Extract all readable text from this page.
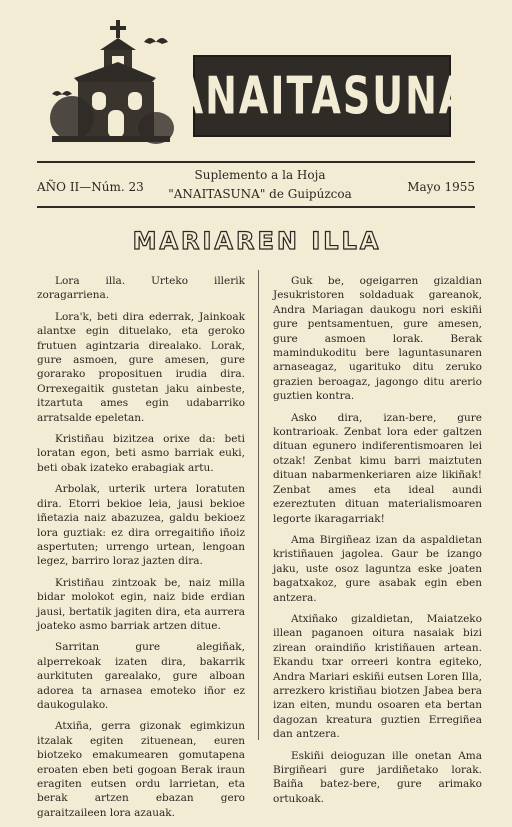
ANAITASUNA
AÑO II—Núm. 23
Suplemento a la Hoja
"ANAITASUNA" de Guipúzcoa	Mayo 1955
MARIAREN ILLA

Lora illa. Urteko illerik zoragarriena.

Lora'k, beti dira ederrak, Jainkoak alantxe egin dituelako, eta geroko frutuen agintzaria direalako. Lorak, gure asmoen, gure amesen, gure gorarako proposituen irudia dira. Orrexegaitik gustetan jaku ainbeste, itzartuta ames egin udabarriko arratsalde epeletan.

Kristiñau bizitzea orixe da: beti loratan egon, beti asmo barriak euki, beti obak izateko erabagiak artu.

Arbolak, urterik urtera loratuten dira. Etorri bekioe leia, jausi bekioe iñetazia naiz abazuzea, galdu bekioez lora guztiak: ez dira orregaitiño iñoiz aspertuten; urrengo urtean, lengoan legez, barriro loraz jazten dira.

Kristiñau zintzoak be, naiz milla bidar molokot egin, naiz bide erdian jausi, bertatik jagiten dira, eta aurrera joateko asmo barriak artzen ditue.

Sarritan gure alegiñak, alperrekoak izaten dira, bakarrik aurkituten garealako, gure alboan adorea ta arnasea emoteko iñor ez daukogulako.

Atxiña, gerra gizonak egimkizun itzalak egiten zituenean, euren biotzeko emakumearen gomutapena eroaten eben beti gogoan Berak iraun eragiten eutsen ordu larrietan, eta berak artzen ebazan gero garaitzaileen lora azauak.

Guk be, ogeigarren gizaldian Jesukristoren soldaduak gareanok, Andra Mariagan daukogu nori eskiñi gure pentsamentuen, gure amesen, gure asmoen lorak. Berak mamindukoditu bere laguntasunaren arnaseagaz, ugarituko ditu zeruko grazien beroagaz, jagongo ditu arerio guztien kontra.

Asko dira, izan-bere, gure kontrarioak. Zenbat lora eder galtzen dituan egunero indiferentismoaren lei otzak! Zenbat kimu barri maiztuten dituan nabarmenkeriaren aize likiñak! Zenbat ames eta ideal aundi ezereztuten dituan materialismoaren legorte ikaragarriak!

Ama Birgiñeaz izan da aspaldietan kristiñauen jagolea. Gaur be izango jaku, uste osoz laguntza eske joaten bagatxakoz, gure asabak egin eben antzera.

Atxiñako gizaldietan, Maiatzeko illean paganoen oitura nasaiak bizi zirean oraindiño kristiñauen artean. Ekandu txar orreeri kontra egiteko, Andra Mariari eskiñi eutsen Loren Illa, arrezkero kristiñau biotzen Jabea bera izan eiten, mundu osoaren eta bertan dagozan kreatura guztien Erregiñea dan antzera.

Eskiñi deioguzan ille onetan Ama Birgiñeari gure jardiñetako lorak. Baiña batez-bere, gure arimako ortukoak.
